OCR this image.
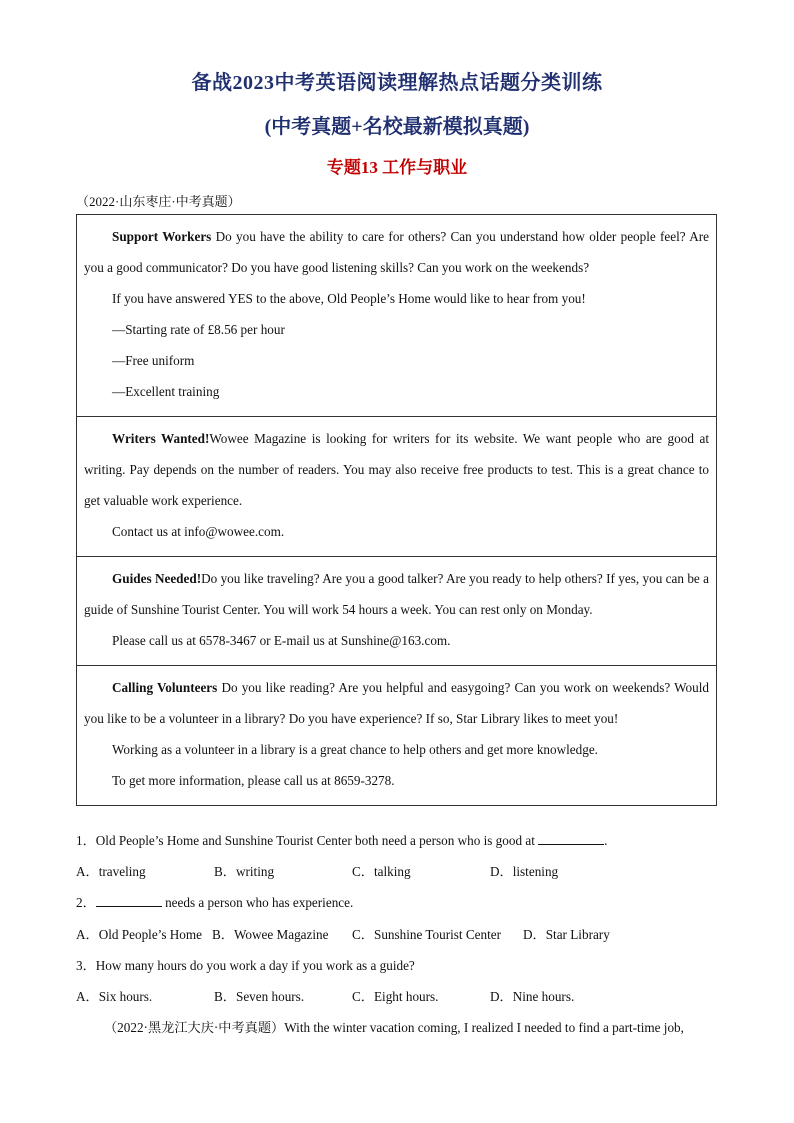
备战2023中考英语阅读理解热点话题分类训练
(中考真题+名校最新模拟真题)
专题13 工作与职业
（2022·山东枣庄·中考真题）

Support Workers Do you have the ability to care for others? Can you understand how older people feel? Are you a good communicator? Do you have good listening skills? Can you work on the weekends?

If you have answered YES to the above, Old People’s Home would like to hear from you!

—Starting rate of £8.56 per hour

—Free uniform

—Excellent training

Writers Wanted!Wowee Magazine is looking for writers for its website. We want people who are good at writing. Pay depends on the number of readers. You may also receive free products to test. This is a great chance to get valuable work experience.

Contact us at info@wowee.com.

Guides Needed!Do you like traveling? Are you a good talker? Are you ready to help others? If yes, you can be a guide of Sunshine Tourist Center. You will work 54 hours a week. You can rest only on Monday.

Please call us at 6578-3467 or E-mail us at Sunshine@163.com.

Calling Volunteers Do you like reading? Are you helpful and easygoing? Can you work on weekends? Would you like to be a volunteer in a library? Do you have experience? If so, Star Library likes to meet you!

Working as a volunteer in a library is a great chance to help others and get more knowledge.

To get more information, please call us at 8659-3278.

1．Old People’s Home and Sunshine Tourist Center both need a person who is good at	.
A．traveling	B．writing	C．talking	D．listening
2．	needs a person who has experience.
A．Old People’s Home B．Wowee Magazine C．Sunshine Tourist Center D．Star Library
3．How many hours do you work a day if you work as a guide?
A．Six hours.	B．Seven hours.	C．Eight hours.	D．Nine hours.
（2022·黑龙江大庆·中考真题）With the winter vacation coming, I realized I needed to find a part-time job,
